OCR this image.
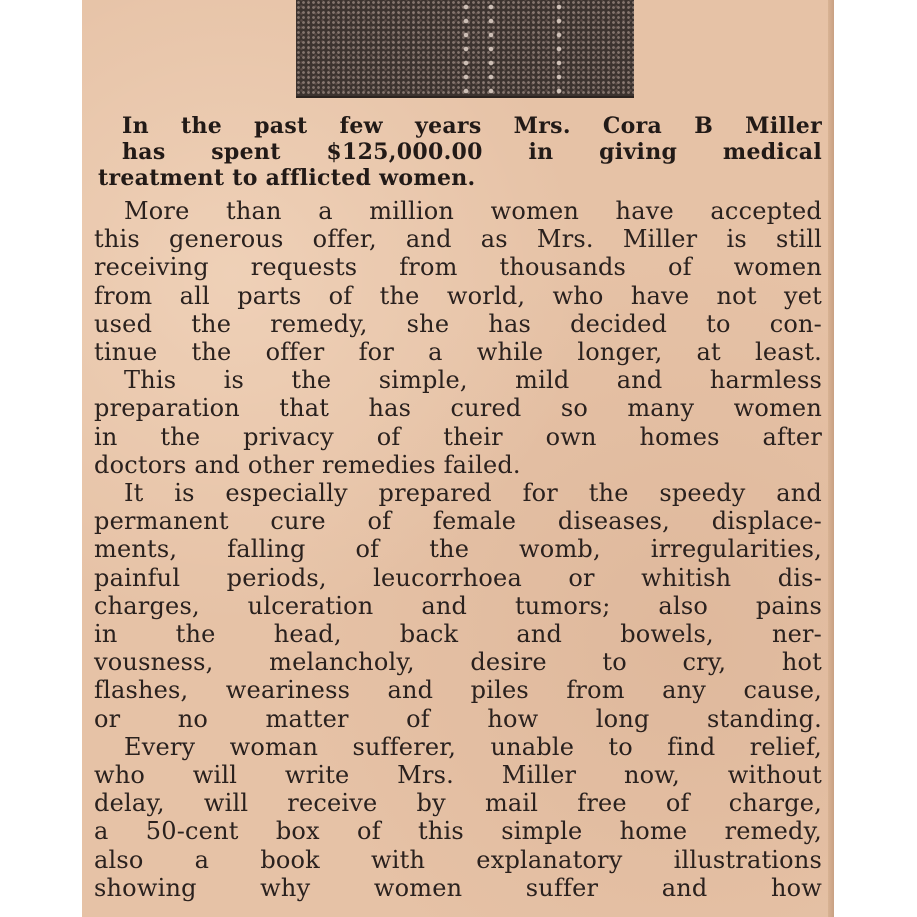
In the past few years Mrs. Cora B Miller
has spent $125,000.00 in giving medical
treatment to afflicted women.
More than a million women have accepted
this generous offer, and as Mrs. Miller is still
receiving requests from thousands of women
from all parts of the world, who have not yet
used the remedy, she has decided to con-
tinue the offer for a while longer, at least.
This is the simple, mild and harmless
preparation that has cured so many women
in the privacy of their own homes after
doctors and other remedies failed.
It is especially prepared for the speedy and
permanent cure of female diseases, displace-
ments, falling of the womb, irregularities,
painful periods, leucorrhoea or whitish dis-
charges, ulceration and tumors; also pains
in the head, back and bowels, ner-
vousness, melancholy, desire to cry, hot
flashes, weariness and piles from any cause,
or no matter of how long standing.
Every woman sufferer, unable to find relief,
who will write Mrs. Miller now, without
delay, will receive by mail free of charge,
a 50-cent box of this simple home remedy,
also a book with explanatory illustrations
showing why women suffer and how
